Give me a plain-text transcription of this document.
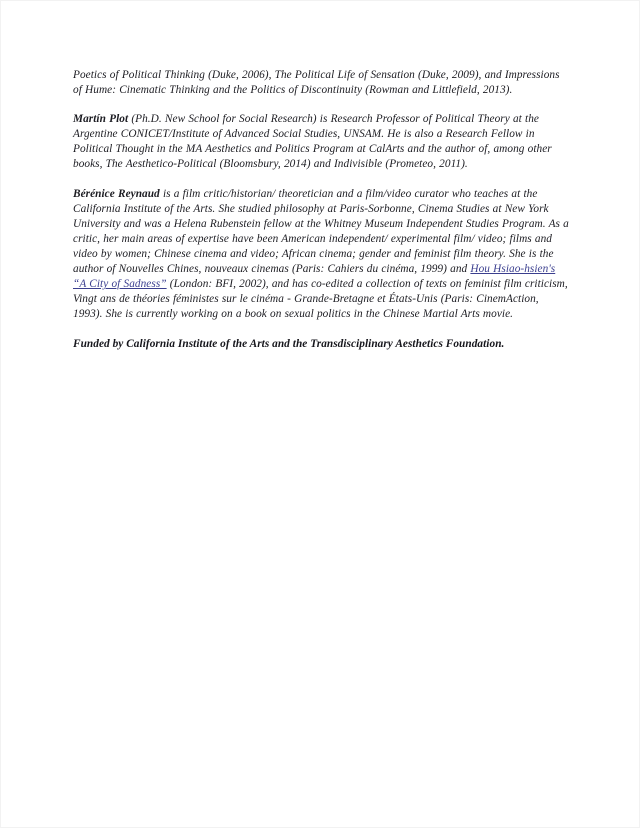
Poetics of Political Thinking (Duke, 2006), The Political Life of Sensation (Duke, 2009), and Impressions of Hume: Cinematic Thinking and the Politics of Discontinuity (Rowman and Littlefield, 2013).

Martín Plot (Ph.D. New School for Social Research) is Research Professor of Political Theory at the Argentine CONICET/Institute of Advanced Social Studies, UNSAM. He is also a Research Fellow in Political Thought in the MA Aesthetics and Politics Program at CalArts and the author of, among other books, The Aesthetico-Political (Bloomsbury, 2014) and Indivisible (Prometeo, 2011).

Bérénice Reynaud is a film critic/historian/ theoretician and a film/video curator who teaches at the California Institute of the Arts. She studied philosophy at Paris-Sorbonne, Cinema Studies at New York University and was a Helena Rubenstein fellow at the Whitney Museum Independent Studies Program. As a critic, her main areas of expertise have been American independent/ experimental film/ video; films and video by women; Chinese cinema and video; African cinema; gender and feminist film theory. She is the author of Nouvelles Chines, nouveaux cinemas (Paris: Cahiers du cinéma, 1999) and Hou Hsiao-hsien's “A City of Sadness” (London: BFI, 2002), and has co-edited a collection of texts on feminist film criticism, Vingt ans de théories féministes sur le cinéma - Grande-Bretagne et États-Unis (Paris: CinemAction, 1993). She is currently working on a book on sexual politics in the Chinese Martial Arts movie.

Funded by California Institute of the Arts and the Transdisciplinary Aesthetics Foundation.
